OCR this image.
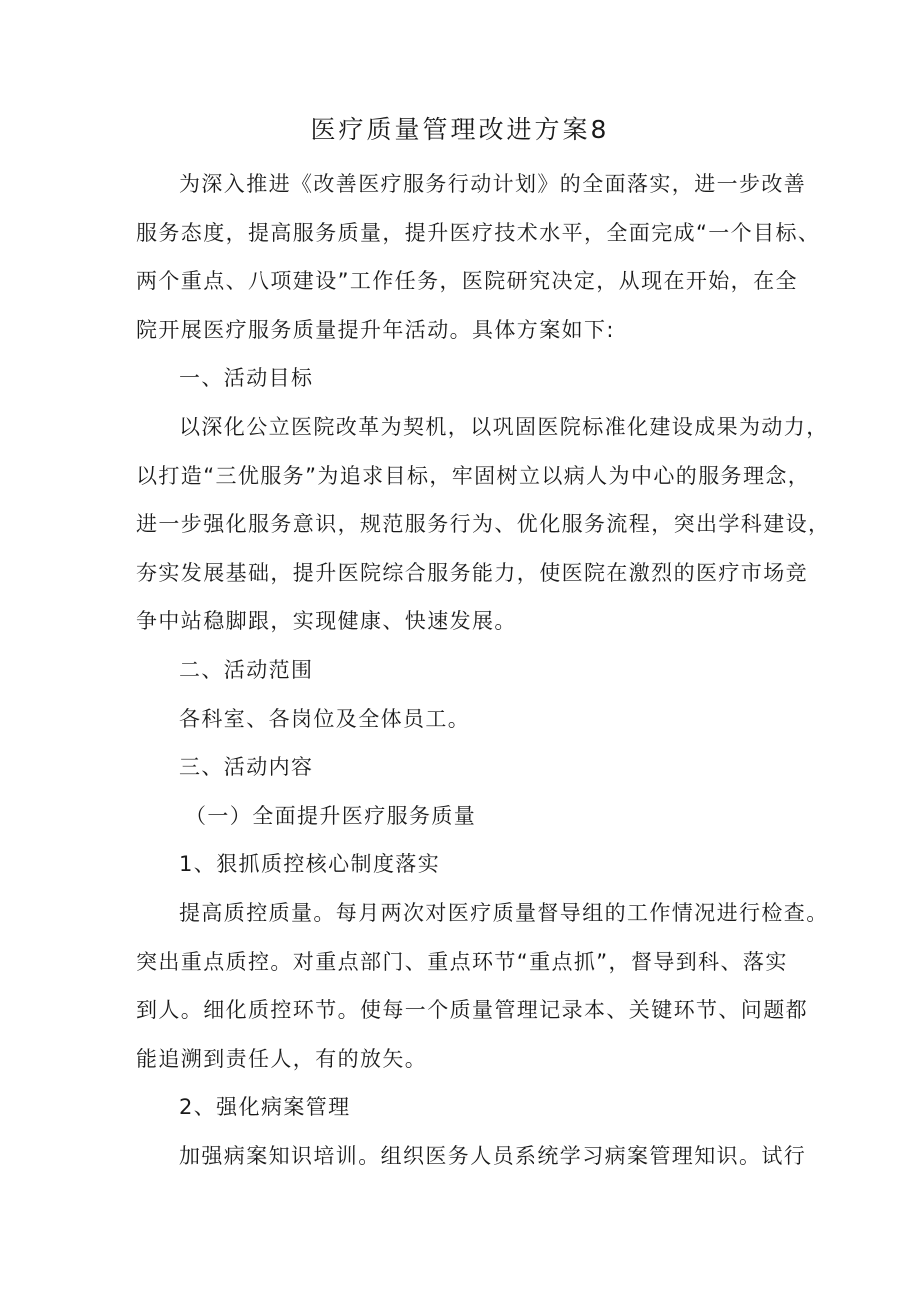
医疗质量管理改进方案8
为深入推进《改善医疗服务行动计划》的全面落实，进一步改善
服务态度，提高服务质量，提升医疗技术水平，全面完成“一个目标、
两个重点、八项建设”工作任务，医院研究决定，从现在开始，在全
院开展医疗服务质量提升年活动。具体方案如下:
一、活动目标
以深化公立医院改革为契机，以巩固医院标准化建设成果为动力，
以打造“三优服务”为追求目标，牢固树立以病人为中心的服务理念，
进一步强化服务意识，规范服务行为、优化服务流程，突出学科建设，
夯实发展基础，提升医院综合服务能力，使医院在激烈的医疗市场竞
争中站稳脚跟，实现健康、快速发展。
二、活动范围
各科室、各岗位及全体员工。
三、活动内容
（一）全面提升医疗服务质量
1、狠抓质控核心制度落实
提高质控质量。每月两次对医疗质量督导组的工作情况进行检查。
突出重点质控。对重点部门、重点环节“重点抓”，督导到科、落实
到人。细化质控环节。使每一个质量管理记录本、关键环节、问题都
能追溯到责任人，有的放矢。
2、强化病案管理
加强病案知识培训。组织医务人员系统学习病案管理知识。试行
